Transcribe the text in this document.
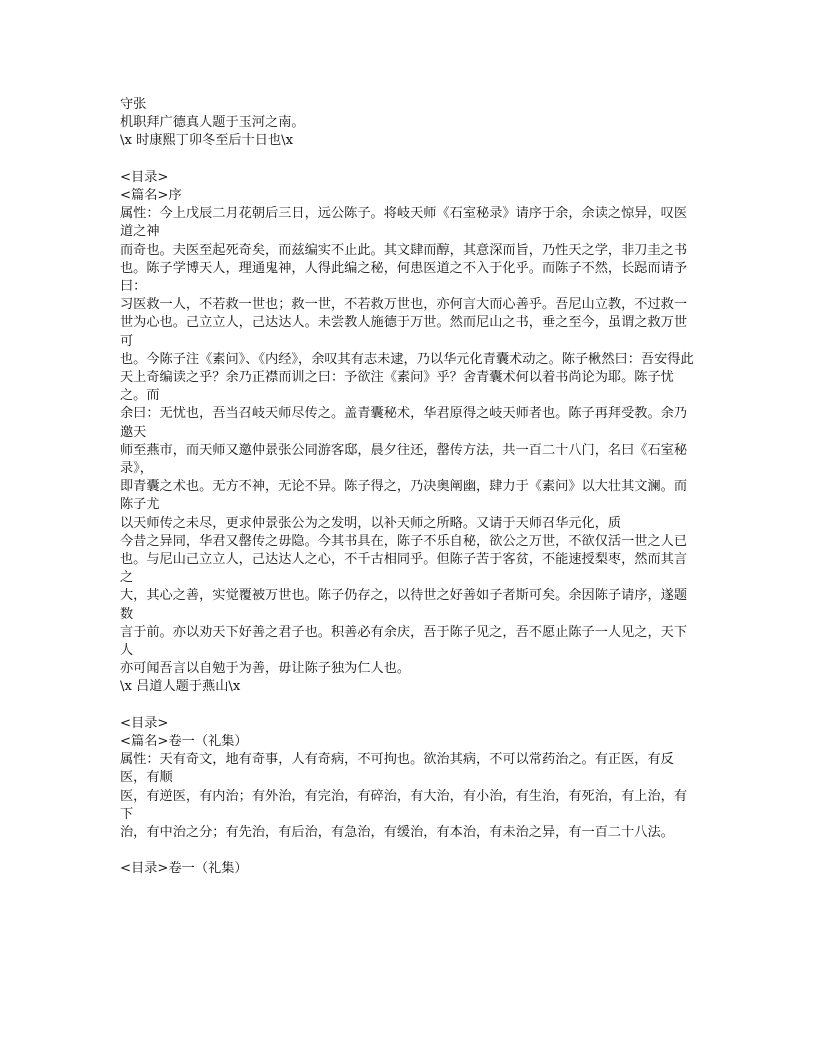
守张
机职拜广德真人题于玉河之南。
\x 时康熙丁卯冬至后十日也\x
<目录>
<篇名>序
属性：今上戊辰二月花朝后三日，远公陈子。将岐天师《石室秘录》请序于余，余读之惊异，叹医道之神
而奇也。夫医至起死奇矣，而兹编实不止此。其文肆而醇，其意深而旨，乃性天之学，非刀圭之书
也。陈子学博天人，理通鬼神，人得此编之秘，何患医道之不入于化乎。而陈子不然，长跽而请予曰：
习医救一人，不若救一世也；救一世，不若救万世也，亦何言大而心善乎。吾尼山立教，不过救一
世为心也。己立立人，己达达人。未尝教人施德于万世。然而尼山之书，垂之至今，虽谓之救万世可
也。今陈子注《素问》、《内经》，余叹其有志未逮，乃以华元化青囊术动之。陈子楸然曰：吾安得此
天上奇编读之乎？余乃正襟而训之曰：予欲注《素问》乎？舍青囊术何以着书尚论为耶。陈子忧之。而
余曰：无忧也，吾当召岐天师尽传之。盖青囊秘术，华君原得之岐天师者也。陈子再拜受教。余乃邀天
师至燕市，而天师又邀仲景张公同游客邸，晨夕往还，罄传方法，共一百二十八门，名曰《石室秘录》，
即青囊之术也。无方不神，无论不异。陈子得之，乃决奥阐幽，肆力于《素问》以大壮其文澜。而陈子尤
以天师传之未尽，更求仲景张公为之发明，以补天师之所略。又请于天师召华元化，质
今昔之异同，华君又罄传之毋隐。今其书具在，陈子不乐自秘，欲公之万世，不欲仅活一世之人已
也。与尼山己立立人，己达达人之心，不千古相同乎。但陈子苦于客贫，不能速授梨枣，然而其言之
大，其心之善，实觉覆被万世也。陈子仍存之，以待世之好善如子者斯可矣。余因陈子请序，遂题数
言于前。亦以劝天下好善之君子也。积善必有余庆，吾于陈子见之，吾不愿止陈子一人见之，天下人
亦可闻吾言以自勉于为善，毋让陈子独为仁人也。
\x 吕道人题于燕山\x
<目录>
<篇名>卷一（礼集）
属性：天有奇文，地有奇事，人有奇病，不可拘也。欲治其病，不可以常药治之。有正医，有反医，有顺
医，有逆医，有内治；有外治，有完治，有碎治，有大治，有小治，有生治，有死治，有上治，有下
治，有中治之分；有先治，有后治，有急治，有缓治，有本治，有未治之异，有一百二十八法。
<目录>卷一（礼集）
